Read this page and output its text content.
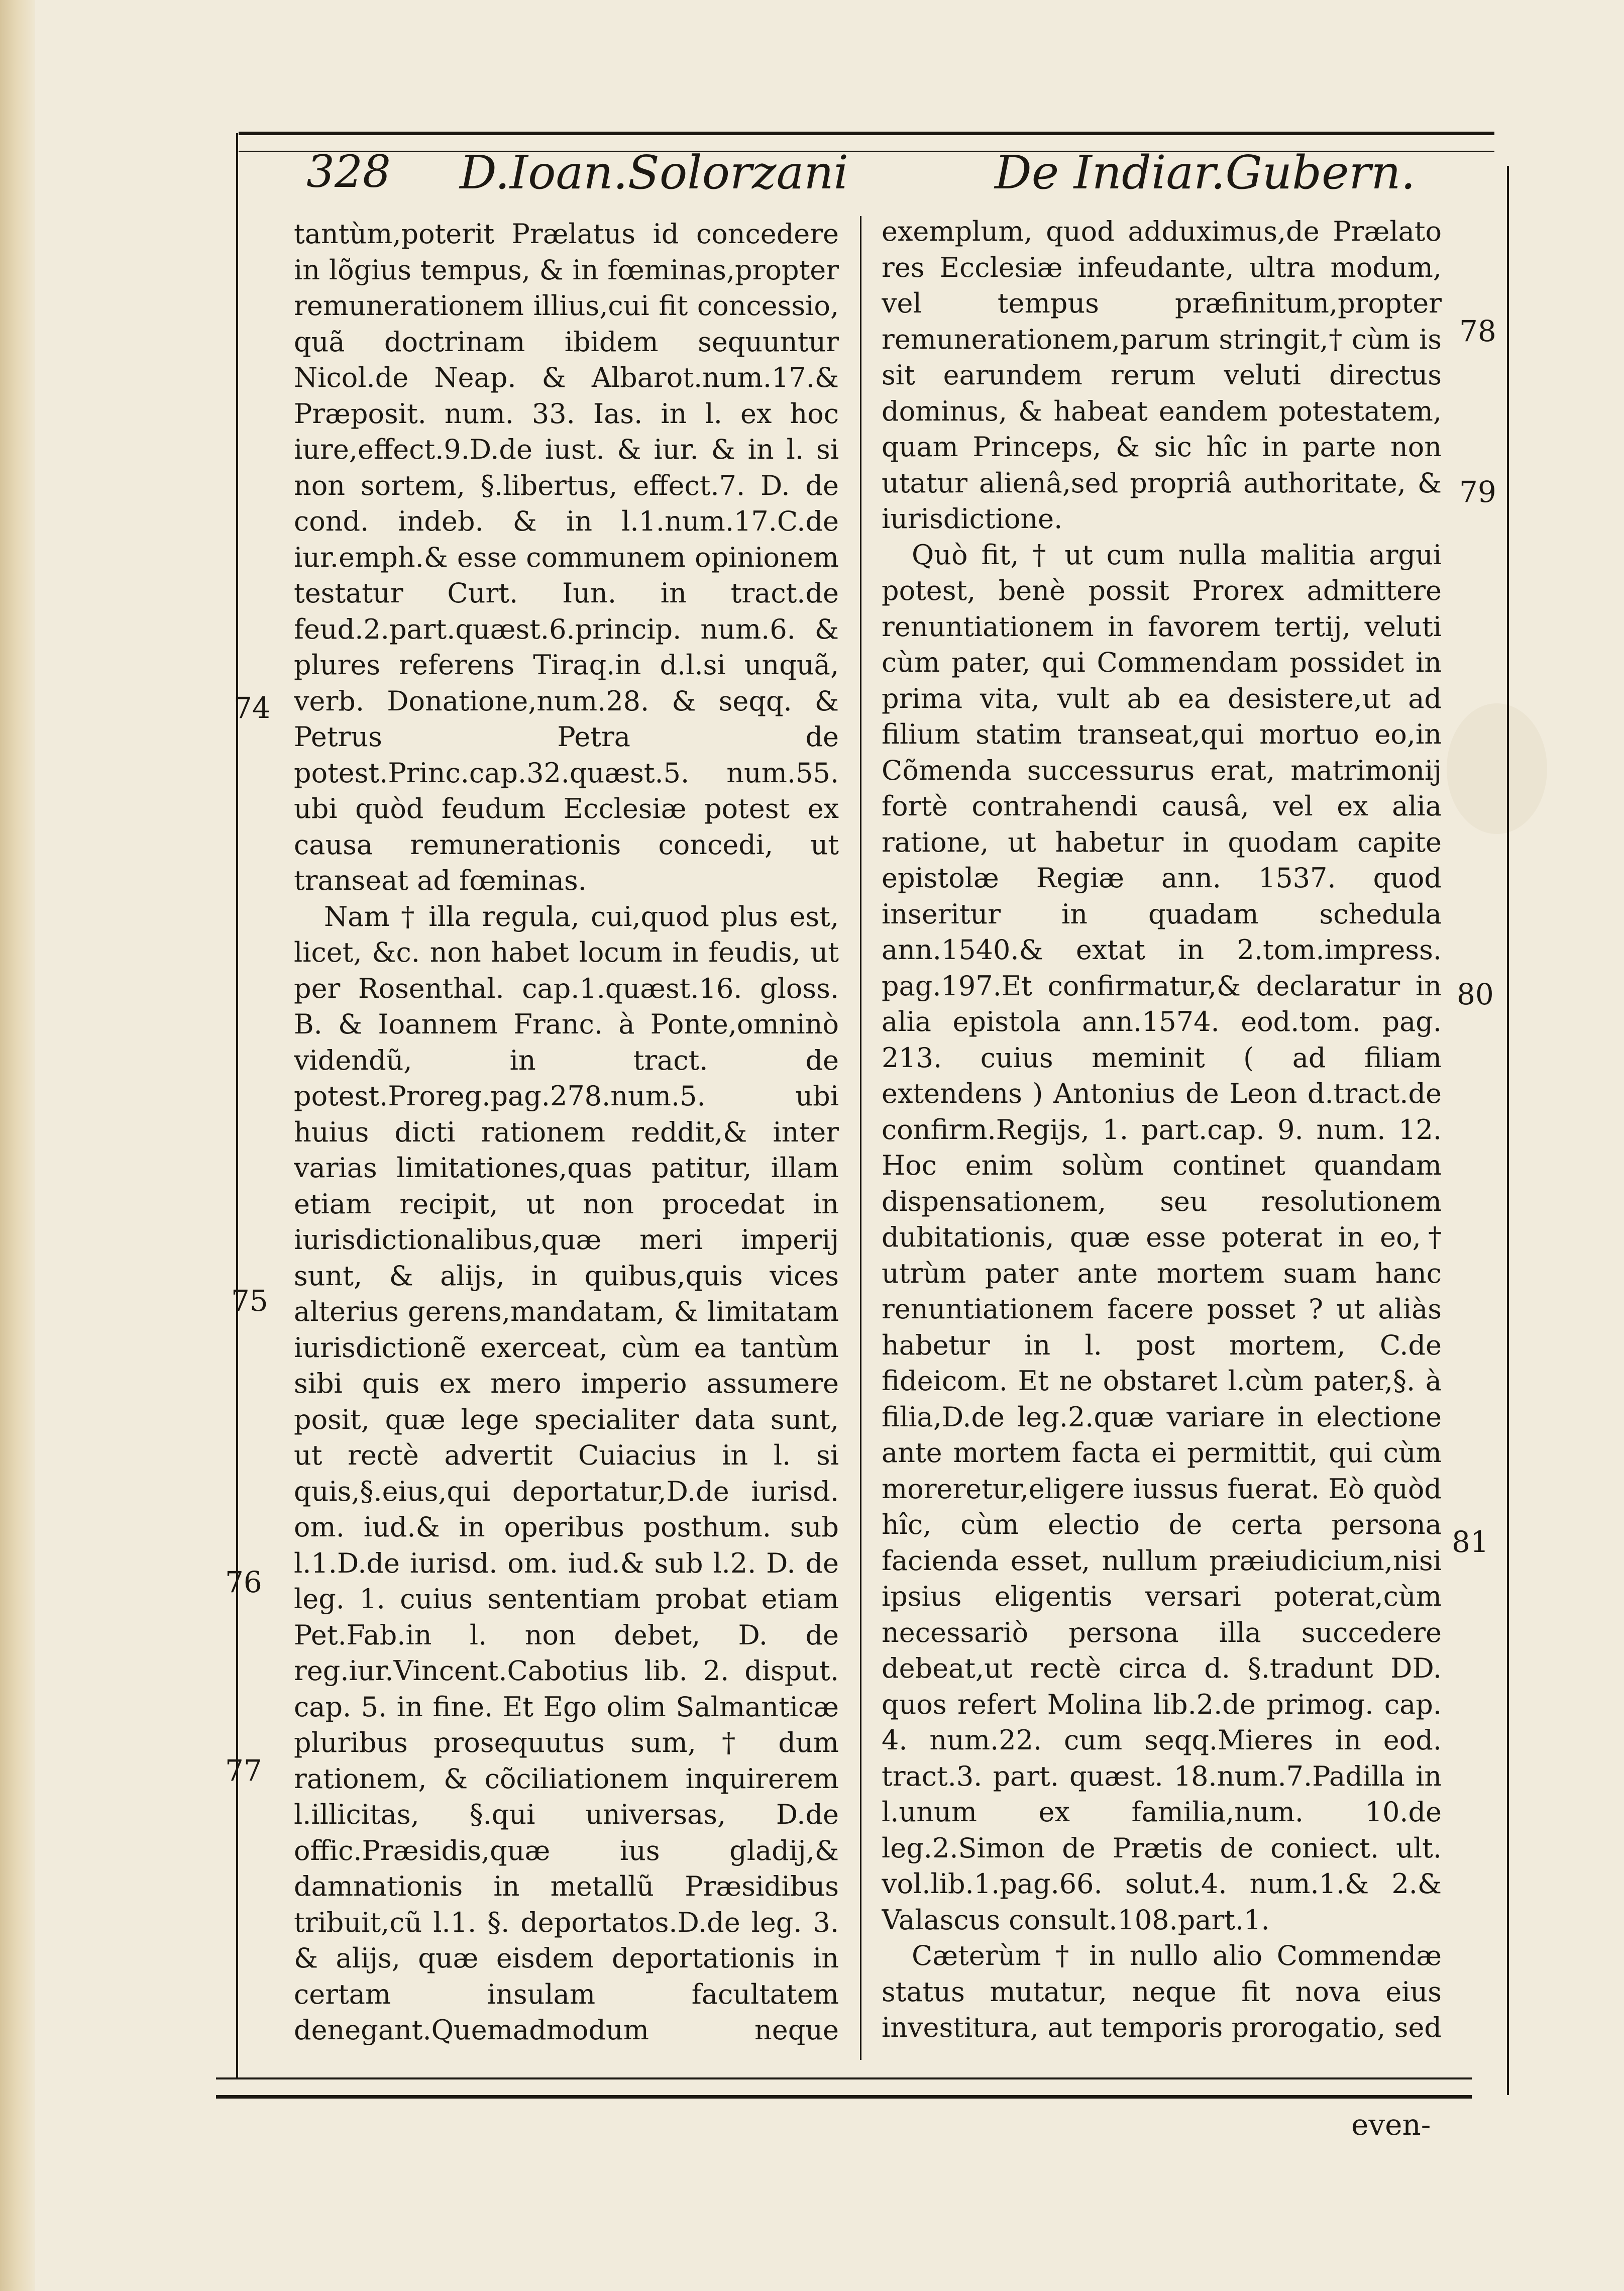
328 D.Ioan.Solorzani	De Indiar.Gubern.

tantùm,poterit Prælatus id concedere in lõgius tempus, & in fœminas,propter remunerationem illius,cui fit concessio, quã doctrinam ibidem sequuntur Nicol.de Neap. & Albarot.num.17.& Præposit. num. 33. Ias. in l. ex hoc iure,effect.9.D.de iust. & iur. & in l. si non sortem, §.libertus, effect.7. D. de cond. indeb. & in l.1.num.17.C.de iur.emph.& esse communem opinionem testatur Curt. Iun. in tract.de feud.2.part.quæst.6.princip. num.6. & plures referens Tiraq.in d.l.si unquã, verb. Donatione,num.28. & seqq. & Petrus Petra de potest.Princ.cap.32.quæst.5. num.55. ubi quòd feudum Ecclesiæ potest ex causa remunerationis concedi, ut transeat ad fœminas.

Nam † illa regula, cui,quod plus est, licet, &c. non habet locum in feudis, ut per Rosenthal. cap.1.quæst.16. gloss. B. & Ioannem Franc. à Ponte,omninò videndũ, in tract. de potest.Proreg.pag.278.num.5. ubi huius dicti rationem reddit,& inter varias limitationes,quas patitur, illam etiam recipit, ut non procedat in iurisdictionalibus,quæ meri imperij sunt, & alijs, in quibus,quis vices alterius gerens,mandatam, & limitatam iurisdictionẽ exerceat, cùm ea tantùm sibi quis ex mero imperio assumere posit, quæ lege specialiter data sunt, ut rectè advertit Cuiacius in l. si quis,§.eius,qui deportatur,D.de iurisd. om. iud.& in operibus posthum. sub l.1.D.de iurisd. om. iud.& sub l.2. D. de leg. 1. cuius sententiam probat etiam Pet.Fab.in l. non debet, D. de reg.iur.Vincent.Cabotius lib. 2. disput. cap. 5. in fine. Et Ego olim Salmanticæ pluribus prosequutus sum, † dum rationem, & cõciliationem inquirerem l.illicitas, §.qui universas, D.de offic.Præsidis,quæ ius gladij,& damnationis in metallũ Præsidibus tribuit,cũ l.1. §. deportatos.D.de leg. 3. & alijs, quæ eisdem deportationis in certam insulam facultatem denegant.Quemadmodum neque

exemplum, quod adduximus,de Prælato res Ecclesiæ infeudante, ultra modum, vel tempus præfinitum,propter remunerationem,parum stringit,† cùm is sit earundem rerum veluti directus dominus, & habeat eandem potestatem, quam Princeps, & sic hîc in parte non utatur alienâ,sed propriâ authoritate, & iurisdictione.

Quò fit, † ut cum nulla malitia argui potest, benè possit Prorex admittere renuntiationem in favorem tertij, veluti cùm pater, qui Commendam possidet in prima vita, vult ab ea desistere,ut ad filium statim transeat,qui mortuo eo,in Cõmenda successurus erat, matrimonij fortè contrahendi causâ, vel ex alia ratione, ut habetur in quodam capite epistolæ Regiæ ann. 1537. quod inseritur in quadam schedula ann.1540.& extat in 2.tom.impress. pag.197.Et confirmatur,& declaratur in alia epistola ann.1574. eod.tom. pag. 213. cuius meminit ( ad filiam extendens ) Antonius de Leon d.tract.de confirm.Regijs, 1. part.cap. 9. num. 12. Hoc enim solùm continet quandam dispensationem, seu resolutionem dubitationis, quæ esse poterat in eo,† utrùm pater ante mortem suam hanc renuntiationem facere posset ? ut aliàs habetur in l. post mortem, C.de fideicom. Et ne obstaret l.cùm pater,§. à filia,D.de leg.2.quæ variare in electione ante mortem facta ei permittit, qui cùm moreretur,eligere iussus fuerat. Eò quòd hîc, cùm electio de certa persona facienda esset, nullum præiudicium,nisi ipsius eligentis versari poterat,cùm necessariò persona illa succedere debeat,ut rectè circa d. §.tradunt DD. quos refert Molina lib.2.de primog. cap. 4. num.22. cum seqq.Mieres in eod. tract.3. part. quæst. 18.num.7.Padilla in l.unum ex familia,num. 10.de leg.2.Simon de Prætis de coniect. ult. vol.lib.1.pag.66. solut.4. num.1.& 2.& Valascus consult.108.part.1.

Cæterùm † in nullo alio Commendæ status mutatur, neque fit nova eius investitura, aut temporis prorogatio, sed

74
75
76
77
78
79
80
81
even-
